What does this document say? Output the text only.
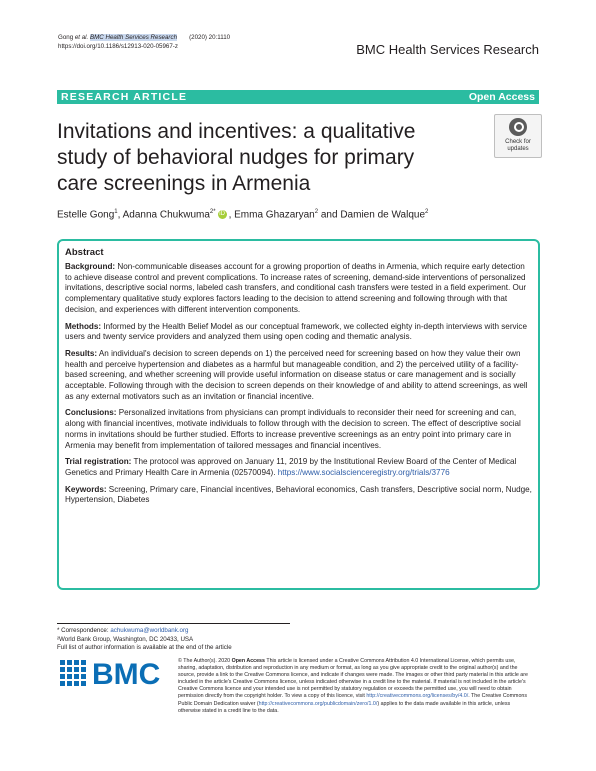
Gong et al. BMC Health Services Research (2020) 20:1110
https://doi.org/10.1186/s12913-020-05967-z	BMC Health Services Research
RESEARCH ARTICLE	Open Access
Invitations and incentives: a qualitative study of behavioral nudges for primary care screenings in Armenia
Check for
updates
Estelle Gong$^1$, Adanna Chukwuma$^{2*}$ iD , Emma Ghazaryan$^2$ and Damien de Walque$^2$
Abstract

Background: Non-communicable diseases account for a growing proportion of deaths in Armenia, which require early detection to achieve disease control and prevent complications. To increase rates of screening, demand-side interventions of personalized invitations, descriptive social norms, labeled cash transfers, and conditional cash transfers were tested in a field experiment. Our complementary qualitative study explores factors leading to the decision to attend screening and following through with that decision, and experiences with different intervention components.

Methods: Informed by the Health Belief Model as our conceptual framework, we collected eighty in-depth interviews with service users and twenty service providers and analyzed them using open coding and thematic analysis.

Results: An individual's decision to screen depends on 1) the perceived need for screening based on how they value their own health and perceive hypertension and diabetes as a harmful but manageable condition, and 2) the perceived utility of a facility-based screening, and whether screening will provide useful information on disease status or care management and is socially acceptable. Following through with the decision to screen depends on their knowledge of and ability to attend screenings, as well as any external motivators such as an invitation or financial incentive.

Conclusions: Personalized invitations from physicians can prompt individuals to reconsider their need for screening and can, along with financial incentives, motivate individuals to follow through with the decision to screen. The effect of descriptive social norms in invitations should be further studied. Efforts to increase preventive screenings as an entry point into primary care in Armenia may benefit from implementation of tailored messages and financial incentives.

Trial registration: The protocol was approved on January 11, 2019 by the Institutional Review Board of the Center of Medical Genetics and Primary Health Care in Armenia (02570094). https://www.socialscienceregistry.org/trials/3776

Keywords: Screening, Primary care, Financial incentives, Behavioral economics, Cash transfers, Descriptive social norm, Nudge, Hypertension, Diabetes

* Correspondence: achukwuma@worldbank.org
²World Bank Group, Washington, DC 20433, USA
Full list of author information is available at the end of the article
BMC	© The Author(s). 2020 Open Access This article is licensed under a Creative Commons Attribution 4.0 International License, which permits use, sharing, adaptation, distribution and reproduction in any medium or format, as long as you give appropriate credit to the original author(s) and the source, provide a link to the Creative Commons licence, and indicate if changes were made. The images or other third party material in this article are included in the article's Creative Commons licence, unless indicated otherwise in a credit line to the material. If material is not included in the article's Creative Commons licence and your intended use is not permitted by statutory regulation or exceeds the permitted use, you will need to obtain permission directly from the copyright holder. To view a copy of this licence, visit http://creativecommons.org/licenses/by/4.0/. The Creative Commons Public Domain Dedication waiver (http://creativecommons.org/publicdomain/zero/1.0/) applies to the data made available in this article, unless otherwise stated in a credit line to the data.
